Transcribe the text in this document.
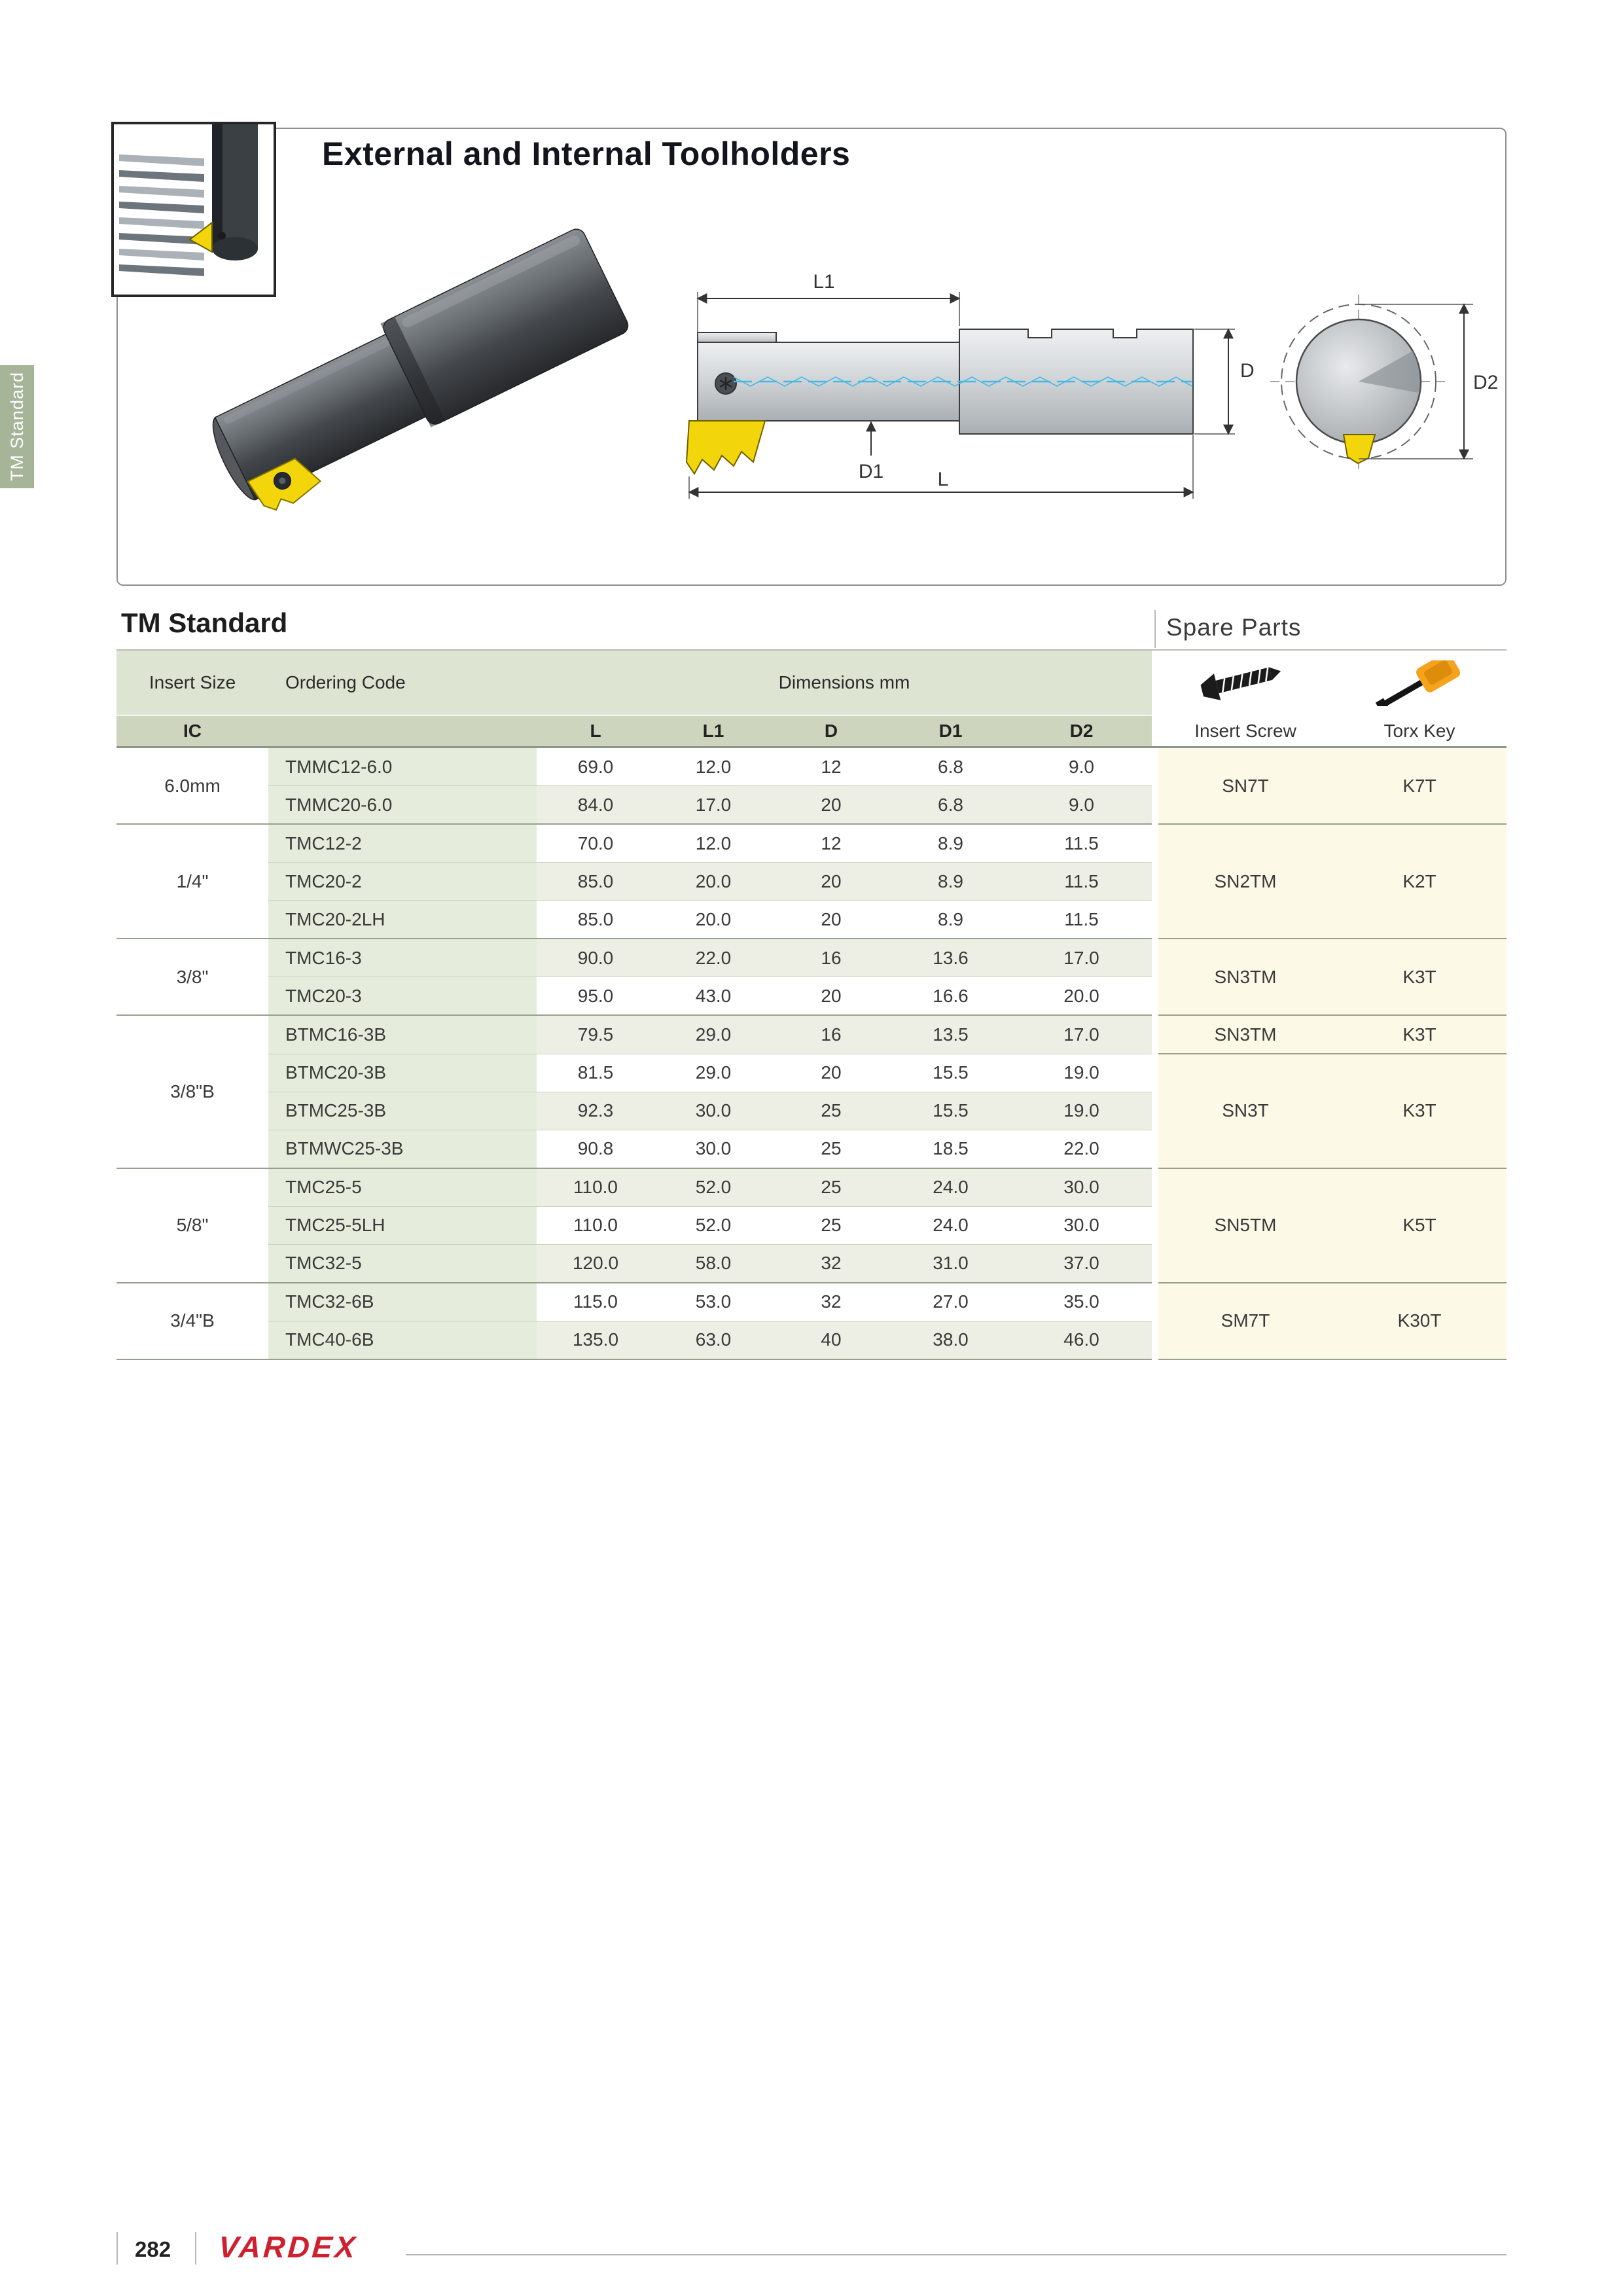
TM Standard
External and Internal Toolholders
L1
D1	L
D
D2
TM Standard	Spare Parts
Insert Size	Ordering Code	Dimensions mm			
IC		L	L1	D	D1	D2		Insert Screw	Torx Key
6.0mm	TMMC12-6.0	69.0	12.0	12	6.8	9.0		SN7T	K7T
	TMMC20-6.0	84.0	17.0	20	6.8	9.0			
1/4"	TMC12-2	70.0	12.0	12	8.9	11.5		SN2TM	K2T
	TMC20-2	85.0	20.0	20	8.9	11.5			
	TMC20-2LH	85.0	20.0	20	8.9	11.5			
3/8"	TMC16-3	90.0	22.0	16	13.6	17.0		SN3TM	K3T
	TMC20-3	95.0	43.0	20	16.6	20.0			
3/8"B	BTMC16-3B	79.5	29.0	16	13.5	17.0		SN3TM	K3T
	BTMC20-3B	81.5	29.0	20	15.5	19.0		SN3T	K3T
	BTMC25-3B	92.3	30.0	25	15.5	19.0			
	BTMWC25-3B	90.8	30.0	25	18.5	22.0			
5/8"	TMC25-5	110.0	52.0	25	24.0	30.0		SN5TM	K5T
	TMC25-5LH	110.0	52.0	25	24.0	30.0			
	TMC32-5	120.0	58.0	32	31.0	37.0			
3/4"B	TMC32-6B	115.0	53.0	32	27.0	35.0		SM7T	K30T
	TMC40-6B	135.0	63.0	40	38.0	46.0			
282 VARDEX
